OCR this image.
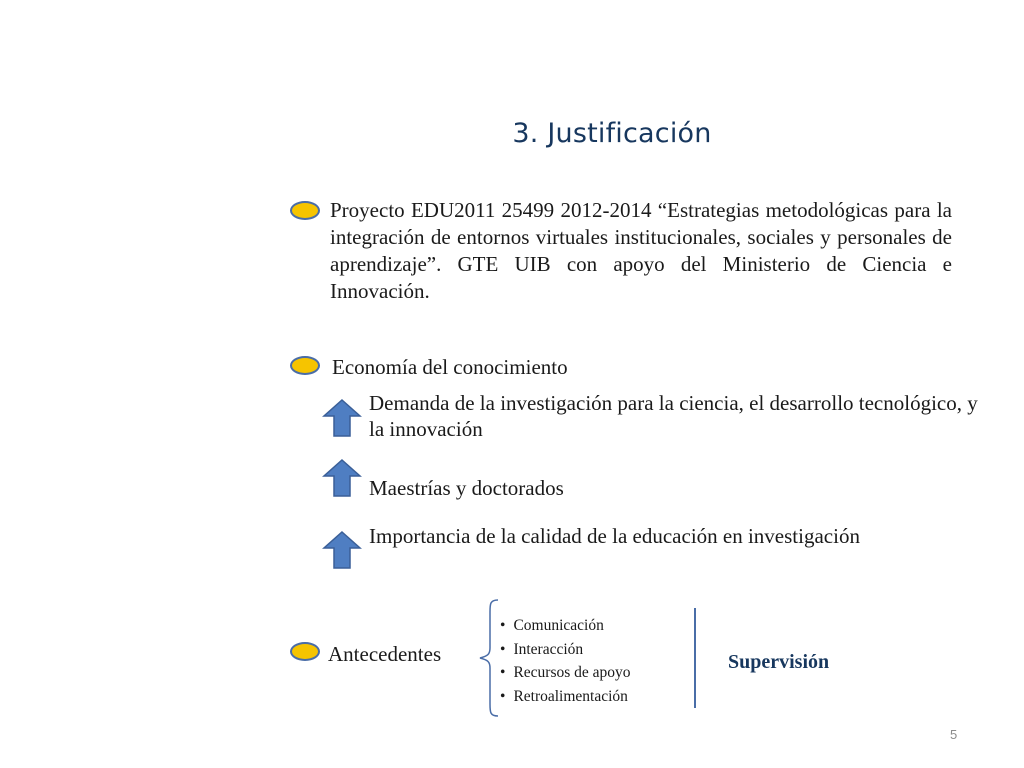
3. Justificación
Proyecto EDU2011 25499 2012-2014 “Estrategias metodológicas para la integración de entornos virtuales institucionales, sociales y personales de aprendizaje”. GTE UIB con apoyo del Ministerio de Ciencia e Innovación.
Economía del conocimiento
Demanda de la investigación para la ciencia, el desarrollo tecnológico, y la innovación
Maestrías y doctorados
Importancia de la calidad de la educación en investigación
Antecedentes
• Comunicación
• Interacción
• Recursos de apoyo
• Retroalimentación
Supervisión
5
